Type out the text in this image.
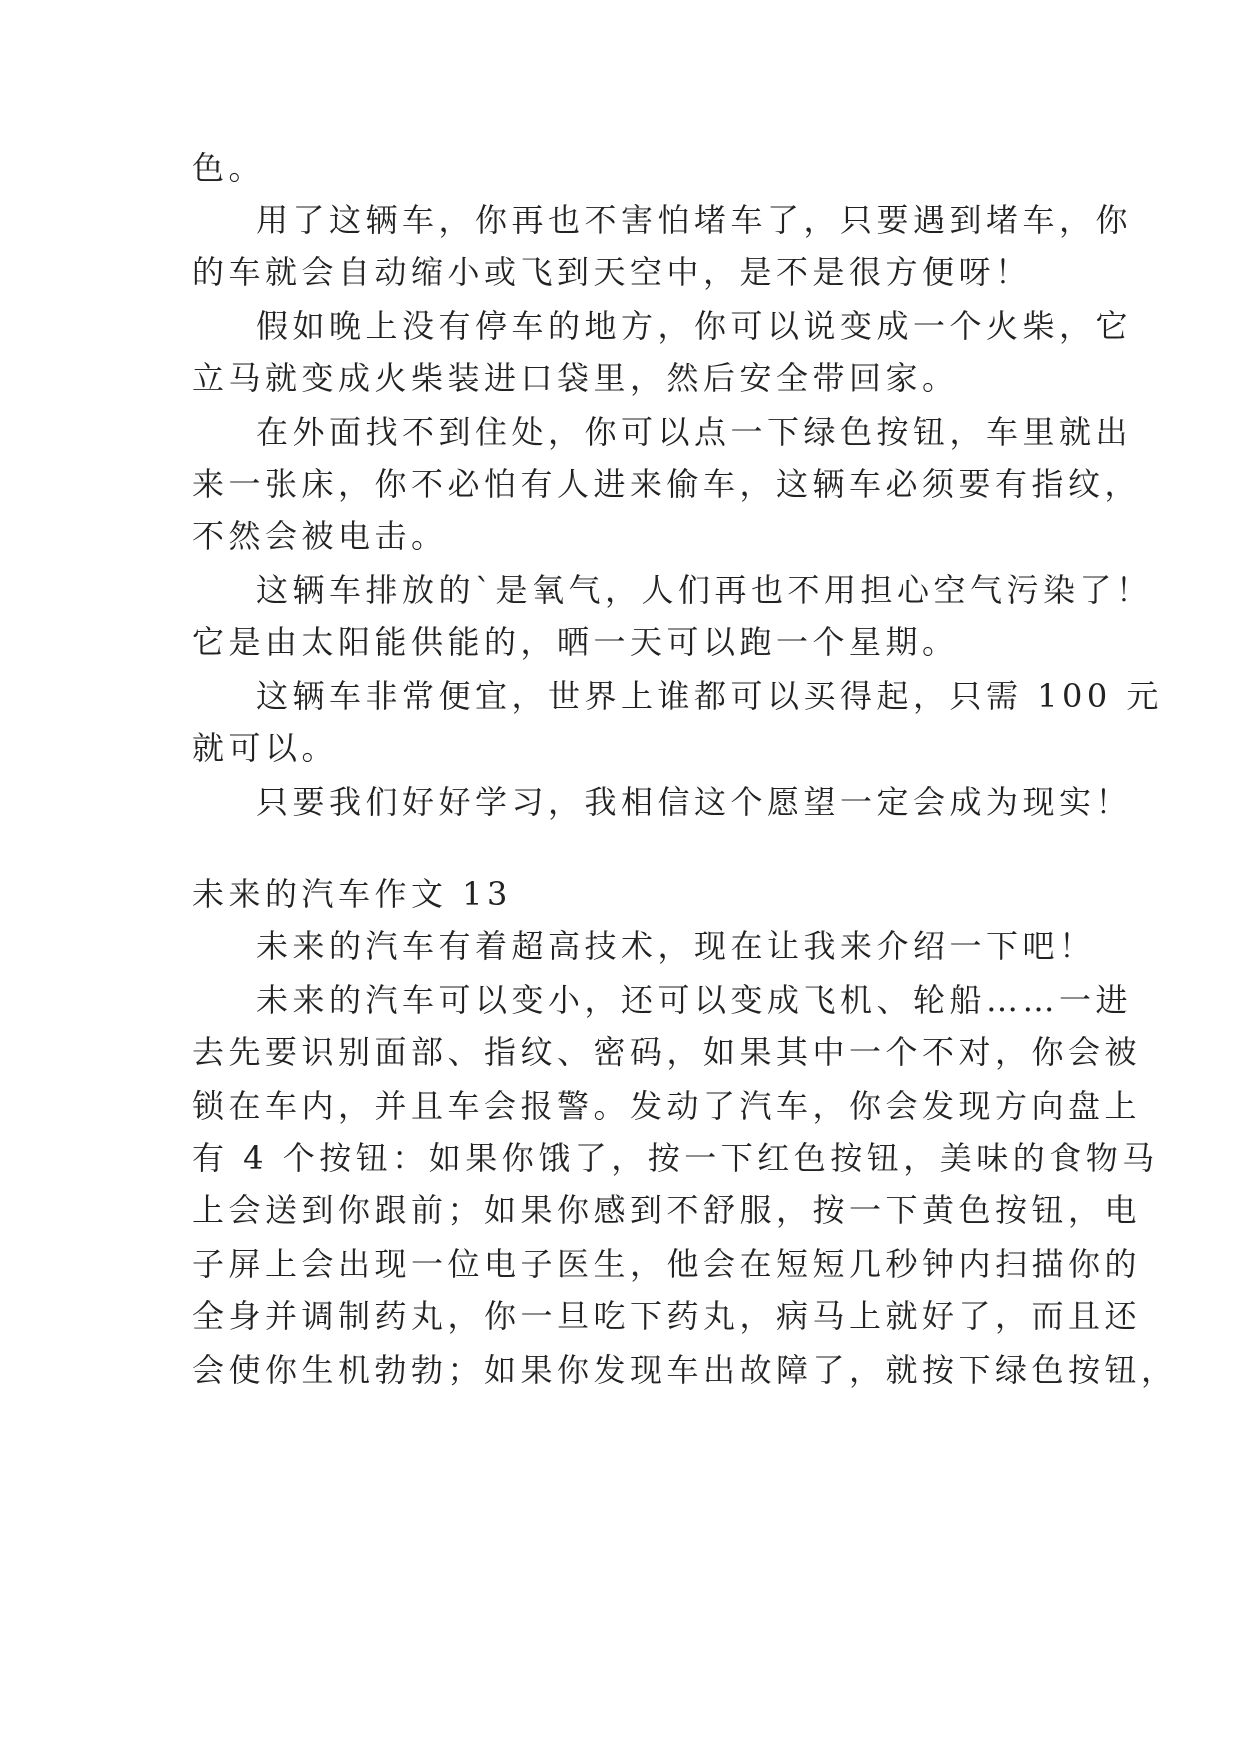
色。
用了这辆车，你再也不害怕堵车了，只要遇到堵车，你
的车就会自动缩小或飞到天空中，是不是很方便呀！
假如晚上没有停车的地方，你可以说变成一个火柴，它
立马就变成火柴装进口袋里，然后安全带回家。
在外面找不到住处，你可以点一下绿色按钮，车里就出
来一张床，你不必怕有人进来偷车，这辆车必须要有指纹，
不然会被电击。
这辆车排放的`是氧气，人们再也不用担心空气污染了！
它是由太阳能供能的，晒一天可以跑一个星期。
这辆车非常便宜，世界上谁都可以买得起，只需 100 元
就可以。
只要我们好好学习，我相信这个愿望一定会成为现实！
未来的汽车作文 13
未来的汽车有着超高技术，现在让我来介绍一下吧！
未来的汽车可以变小，还可以变成飞机、轮船……一进
去先要识别面部、指纹、密码，如果其中一个不对，你会被
锁在车内，并且车会报警。发动了汽车，你会发现方向盘上
有 4 个按钮：如果你饿了，按一下红色按钮，美味的食物马
上会送到你跟前；如果你感到不舒服，按一下黄色按钮，电
子屏上会出现一位电子医生，他会在短短几秒钟内扫描你的
全身并调制药丸，你一旦吃下药丸，病马上就好了，而且还
会使你生机勃勃；如果你发现车出故障了，就按下绿色按钮，
